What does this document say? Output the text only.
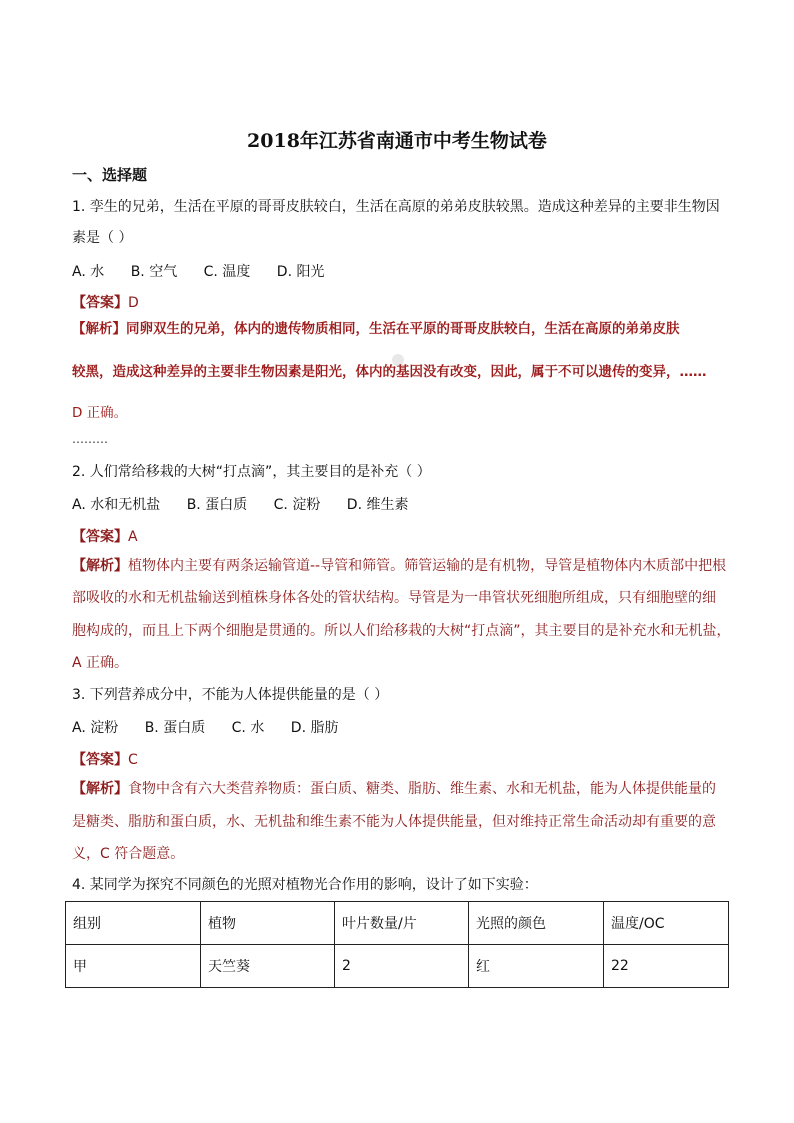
2018年江苏省南通市中考生物试卷
一、选择题
1. 孪生的兄弟，生活在平原的哥哥皮肤较白，生活在高原的弟弟皮肤较黑。造成这种差异的主要非生物因
素是（ ）
A. 水 B. 空气 C. 温度 D. 阳光
【答案】D
【解析】同卵双生的兄弟，体内的遗传物质相同，生活在平原的哥哥皮肤较白，生活在高原的弟弟皮肤
较黑，造成这种差异的主要非生物因素是阳光，体内的基因没有改变，因此，属于不可以遗传的变异，……
D 正确。
………
2. 人们常给移栽的大树“打点滴”，其主要目的是补充（ ）
A. 水和无机盐 B. 蛋白质 C. 淀粉 D. 维生素
【答案】A
【解析】植物体内主要有两条运输管道--导管和筛管。筛管运输的是有机物，导管是植物体内木质部中把根
部吸收的水和无机盐输送到植株身体各处的管状结构。导管是为一串管状死细胞所组成，只有细胞壁的细
胞构成的，而且上下两个细胞是贯通的。所以人们给移栽的大树“打点滴”，其主要目的是补充水和无机盐，
A 正确。
3. 下列营养成分中，不能为人体提供能量的是（ ）
A. 淀粉 B. 蛋白质 C. 水 D. 脂肪
【答案】C
【解析】食物中含有六大类营养物质：蛋白质、糖类、脂肪、维生素、水和无机盐，能为人体提供能量的
是糖类、脂肪和蛋白质，水、无机盐和维生素不能为人体提供能量，但对维持正常生命活动却有重要的意
义，C 符合题意。
4. 某同学为探究不同颜色的光照对植物光合作用的影响，设计了如下实验：
组别	植物	叶片数量/片	光照的颜色	温度/OC
甲	天竺葵	2	红	22
